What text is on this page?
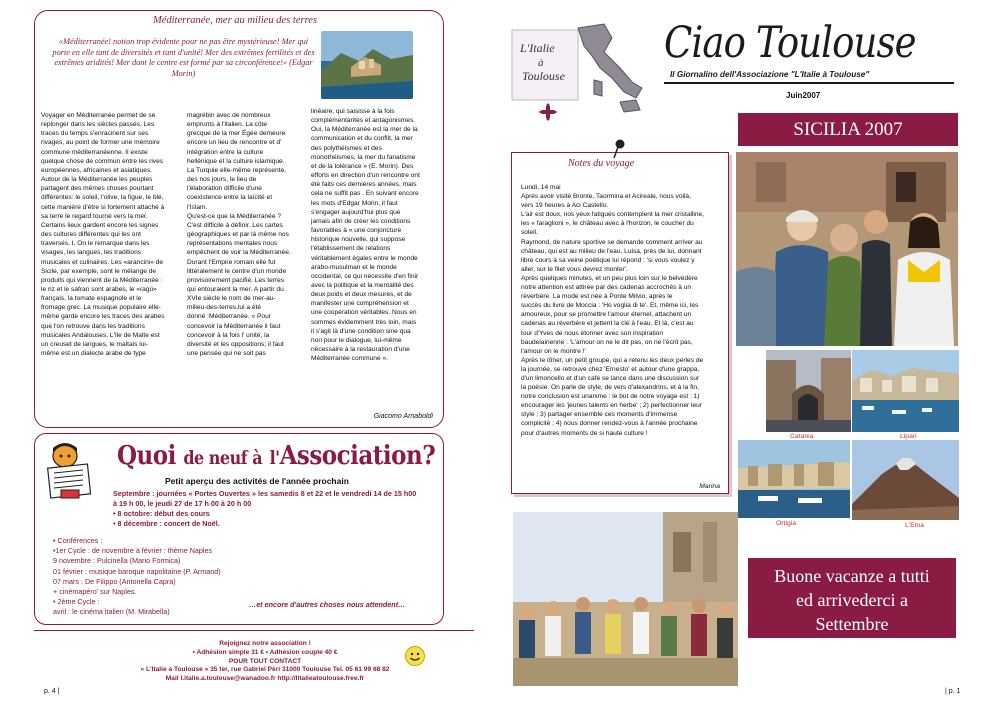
Méditerranée, mer au milieu des terres
«Méditerranée! notion trop évidente pour ne pas être mystérieuse! Mer qui porte en elle tant de diversités et tant d'unité! Mer des extrêmes fertilités et des extrêmes aridités! Mer dont le centre est formé par sa circonférence!» (Edgar Morin)
Voyager en Méditerranée permet de se
replonger dans les siècles passés. Les
traces du temps s'enracinent sur ses
rivages, au point de former une mémoire
commune méditerranéenne. Il existe
quelque chose de commun entre les rives
européennes, africaines et asiatiques.
Autour de la Méditerranée les peuples
partagent des mêmes choses pourtant
différentes: le soleil, l'olive, la figue, le blé,
cette manière d'être si fortement attaché à
sa terre le regard tourné vers la mer.
Certains lieux gardent encore les signes
des cultures différentes qui les ont
traversés. I. On le remarque dans les
visages, les langues, les traditions
musicales et culinaires. Les «arancini» de
Sicile, par exemple, sont le mélange de
produits qui viennent de la Méditerranée :
le riz et le safran sont arabes, le «ragù»
français, la tomate espagnole et le
fromage grec. La musique populaire elle-
même garde encore les traces des arabes
que l'on retrouve dans les traditions
musicales Andalouses. L'île de Malte est
un creuset de langues, le maltais lui-
même est un dialecte arabe de type
magrébin avec de nombreux
emprunts à l'italien. La côte
grecque de la mer Égée demeure
encore un lieu de rencontre et d'
intégration entre la culture
hellénique et la culture islamique.
La Turquie elle-même représente,
des nos jours, le lieu de
l'élaboration difficile d'une
coexistence entre la laïcité et
l'Islam.
Qu'est-ce que la Méditerranée ?
C'est difficile à définir. Les cartes
géographiques et par là même nos
représentations mentales nous
empêchent de voir la Méditerranée.
Durant l'Empire romain elle fut
littéralement le centre d'un monde
provisoirement pacifié. Les terres
qui entouraient la mer. A partir du
XVIe siècle le nom de mer-au-
milieu-des-terres,lui a été
donné :Méditerranée. « Pour
concevoir la Méditerranée il faut
concevoir à la fois l' unité, la
diversité et les oppositions; il faut
une pensée qui ne soit pas
linéaire, qui saisisse à la fois
complémentarités et antagonismes.
Oui, la Méditerranée est la mer de la
communication et du conflit, la mer
des polythéismes et des
monothéismes, la mer du fanatisme
et de la tolérance » (E. Morin). Des
efforts en direction d'un rencontre ont
été faits ces dernières années, mais
cela ne suffit pas . En suivant encore
les mots d'Edgar Morin, il faut
s'engager aujourd'hui plus que
jamais afin de créer les conditions
favorables à « une conjoncture
historique nouvelle, qui suppose
l'établissement de relations
véritablement égales entre le monde
arabo-musulman et le monde
occidental, ce qui nécessite d'en finir
avec la politique et la mentalité des
deux poids et deux mesures, et de
manifester une compréhension et
une coopération véritables. Nous en
sommes évidemment très loin, mais
il s'agit là d'une condition sine qua
non pour le dialogue, lui-même
nécessaire à la restauration d'une
Méditerranée commune ».
Giacomo Arnaboldi
Quoi de neuf à l'Association?
Petit aperçu des activités de l'année prochain
Septembre : journées « Portes Ouvertes » les samedis 8 et 22 et le vendredi 14 de 15 h00
à 19 h 00, le jeudi 27 de 17 h 00 à 20 h 00
• 8 octobre: début des cours
• 8 décembre : concert de Noël.
• Conférences :
•1er Cycle : de novembre à février : thème Naples
9 novembre : Pulcinella (Mario Formica)
01 février : musique baroque napolitaine (P. Armand)
07 mars : De Filippo (Antonella Capra)
+ cinémapéro' sur Naples.
• 2ème Cycle :
avril : le cinéma italien (M. Mirabella)
…et encore d'autres choses nous attendent…
Rejoignez notre association !
• Adhésion simple 31 € • Adhésion couple 40 €
POUR TOUT CONTACT
« L'Italie à Toulouse » 35 ter, rue Gabriel Péri 31000 Toulouse Tel. 05 61 99 68 82
Mail l.italie.a.toulouse@wanadoo.fr http://litalieatoulouse.free.fr
p. 4 |
L'Italie
à
Toulouse
Ciao Toulouse
Il Giornalino dell'Associazione "L'Italie à Toulouse"
Juin2007
SICILIA 2007
Notes du voyage
Lundi, 14 mai
Après avoir visité Bronte, Taormina et Acireale, nous voilà,
vers 19 heures à Aci Castello.
L'air est doux, nos yeux fatigués contemplent la mer cristalline,
les « faraglioni », le château avec à l'horizon, le coucher du
soleil.
Raymond, de nature sportive se demande comment arriver au
château, qui est au milieu de l'eau. Luisa, près de lui, donnant
libre cours à sa veine poétique lui répond : 'si vous voulez y
aller, sur le filet vous devrez monter'.
Après quelques minutes, et un peu plus loin sur le belvédère
notre attention est attirée par des cadenas accrochés à un
réverbère. La mode est née à Ponte Milvio, après le
succès du livre de Moccia : 'Ho voglia di te'. Et, même ici, les
amoureux, pour se promettre l'amour éternel, attachent un
cadenas au réverbère et jettent la clé à l'eau. Et là, c'est au
tour d'Yves de nous étonner avec son inspiration
baudelairienne : 'L'amour on ne le dit pas, on ne l'écrit pas,
l'amour on le montre !'
Après le dîner, un petit groupe, qui a retenu les deux perles de
la journée, se retrouve chez 'Ernesto' et autour d'une grappa,
d'un limoncello et d'un café se lance dans une discussion sur
la poésie. On parle de style, de vers d'alexandrins, et à la fin,
notre conclusion est unanime : le but de notre voyage est : 1)
encourager les 'jeunes talents en herbe' ; 2) perfectionner leur
style ; 3) partager ensemble ces moments d'immense
complicité ; 4) nous donner rendez-vous à l'année prochaine
pour d'autres moments de si haute culture !
Marina
Catania	Lipari
Ortigia	L'Etna
Buone vacanze a tutti
ed arrivederci a
Settembre
| p. 1
